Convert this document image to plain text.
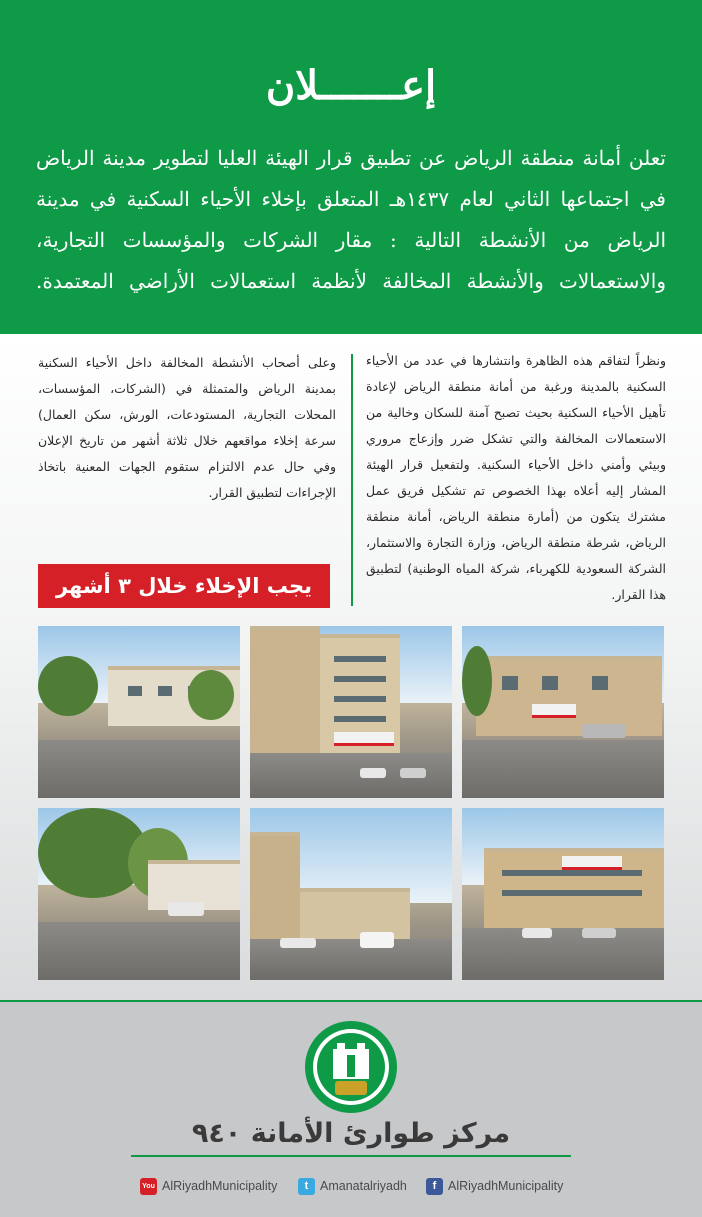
إعـــــــلان
تعلن أمانة منطقة الرياض عن تطبيق قرار الهيئة العليا لتطوير مدينة الرياض في اجتماعها الثاني لعام ١٤٣٧هـ المتعلق بإخلاء الأحياء السكنية في مدينة الرياض من الأنشطة التالية : مقار الشركات والمؤسسات التجارية، والاستعمالات والأنشطة المخالفة لأنظمة استعمالات الأراضي المعتمدة.
ونظراً لتفاقم هذه الظاهرة وانتشارها في عدد من الأحياء السكنية بالمدينة ورغبة من أمانة منطقة الرياض لإعادة تأهيل الأحياء السكنية بحيث تصبح آمنة للسكان وخالية من الاستعمالات المخالفة والتي تشكل ضرر وإزعاج مروري وبيئي وأمني داخل الأحياء السكنية. ولتفعيل قرار الهيئة المشار إليه أعلاه بهذا الخصوص تم تشكيل فريق عمل مشترك يتكون من (أمارة منطقة الرياض، أمانة منطقة الرياض، شرطة منطقة الرياض، وزارة التجارة والاستثمار، الشركة السعودية للكهرباء، شركة المياه الوطنية) لتطبيق هذا القرار.
وعلى أصحاب الأنشطة المخالفة داخل الأحياء السكنية بمدينة الرياض والمتمثلة في (الشركات، المؤسسات، المحلات التجارية، المستودعات، الورش، سكن العمال) سرعة إخلاء مواقعهم خلال ثلاثة أشهر من تاريخ الإعلان وفي حال عدم الالتزام ستقوم الجهات المعنية باتخاذ الإجراءات لتطبيق القرار.
يجب الإخلاء خلال ٣ أشهر
مركز طوارئ الأمانة ٩٤٠
You AlRiyadhMunicipality	t Amanatalriyadh	f AlRiyadhMunicipality
